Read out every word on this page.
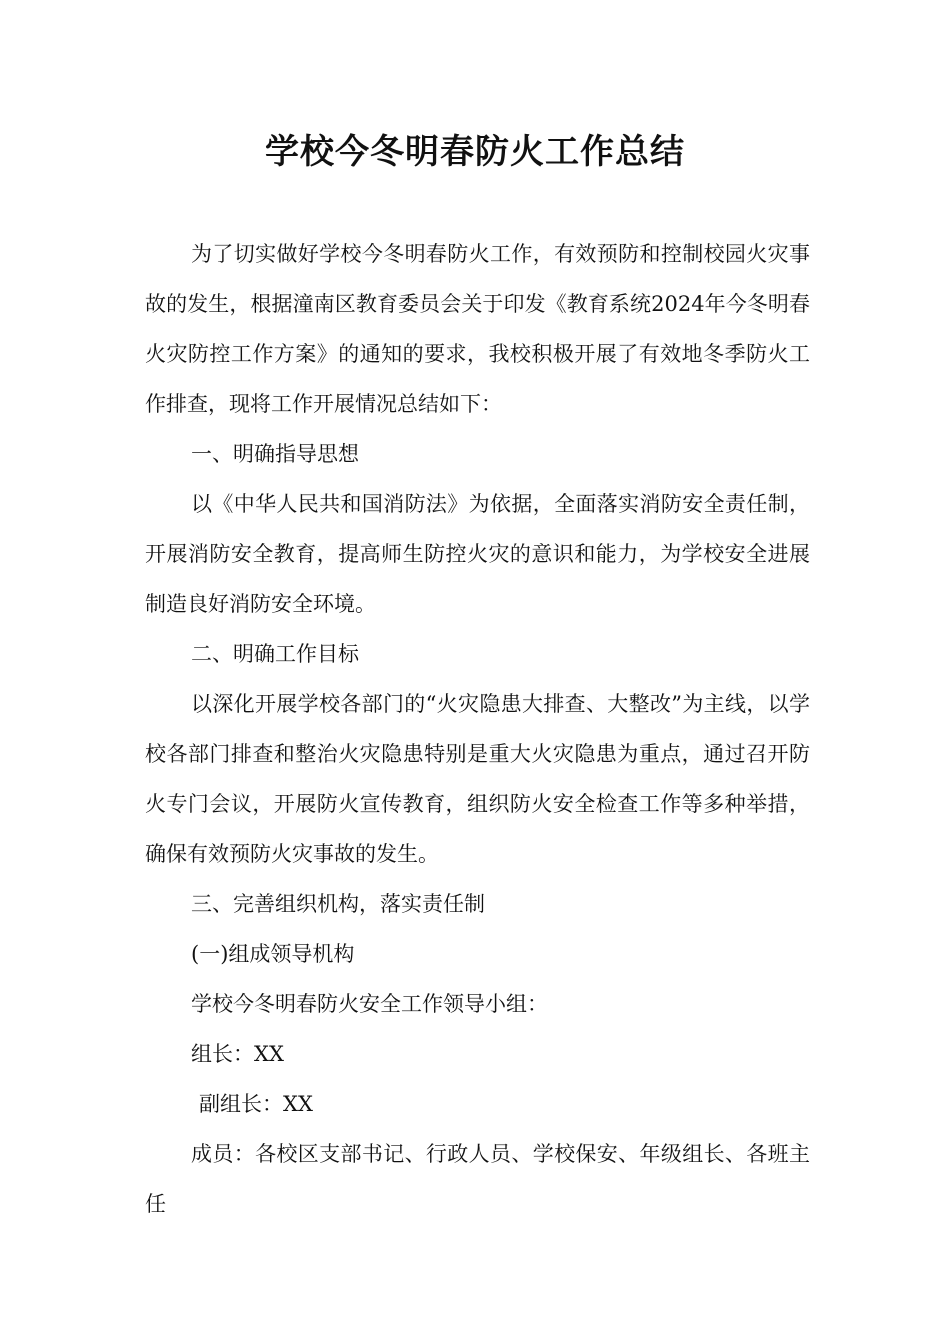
学校今冬明春防火工作总结

为了切实做好学校今冬明春防火工作，有效预防和控制校园火灾事故的发生，根据潼南区教育委员会关于印发《教育系统2024年今冬明春火灾防控工作方案》的通知的要求，我校积极开展了有效地冬季防火工作排查，现将工作开展情况总结如下：

一、明确指导思想

以《中华人民共和国消防法》为依据，全面落实消防安全责任制，开展消防安全教育，提高师生防控火灾的意识和能力，为学校安全进展制造良好消防安全环境。

二、明确工作目标

以深化开展学校各部门的“火灾隐患大排查、大整改”为主线，以学校各部门排查和整治火灾隐患特别是重大火灾隐患为重点，通过召开防火专门会议，开展防火宣传教育，组织防火安全检查工作等多种举措，确保有效预防火灾事故的发生。

三、完善组织机构，落实责任制

(一)组成领导机构

学校今冬明春防火安全工作领导小组：

组长：XX

副组长：XX

成员：各校区支部书记、行政人员、学校保安、年级组长、各班主任
